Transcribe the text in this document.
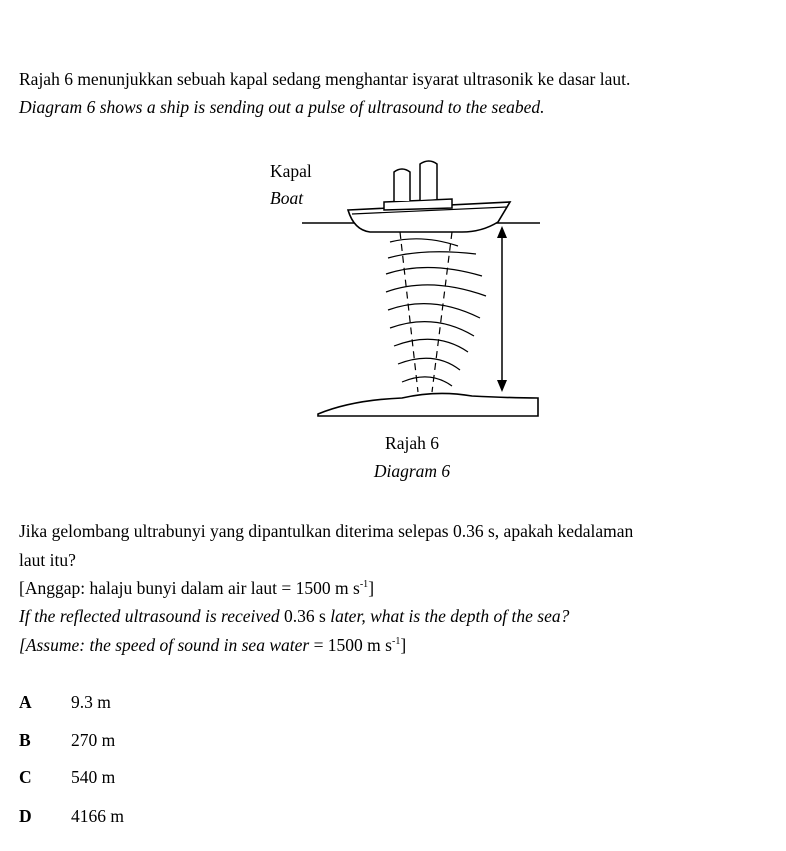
Rajah 6 menunjukkan sebuah kapal sedang menghantar isyarat ultrasonik ke dasar laut.
Diagram 6 shows a ship is sending out a pulse of ultrasound to the seabed.
Kapal
Boat
Rajah 6
Diagram 6
Jika gelombang ultrabunyi yang dipantulkan diterima selepas 0.36 s, apakah kedalaman
laut itu?
[Anggap: halaju bunyi dalam air laut = 1500 m $s^{-1}$]
If the reflected ultrasound is received 0.36 s later, what is the depth of the sea?
[Assume: the speed of sound in sea water = 1500 m $s^{-1}$]
A 9.3 m
B 270 m
C 540 m
D 4166 m
